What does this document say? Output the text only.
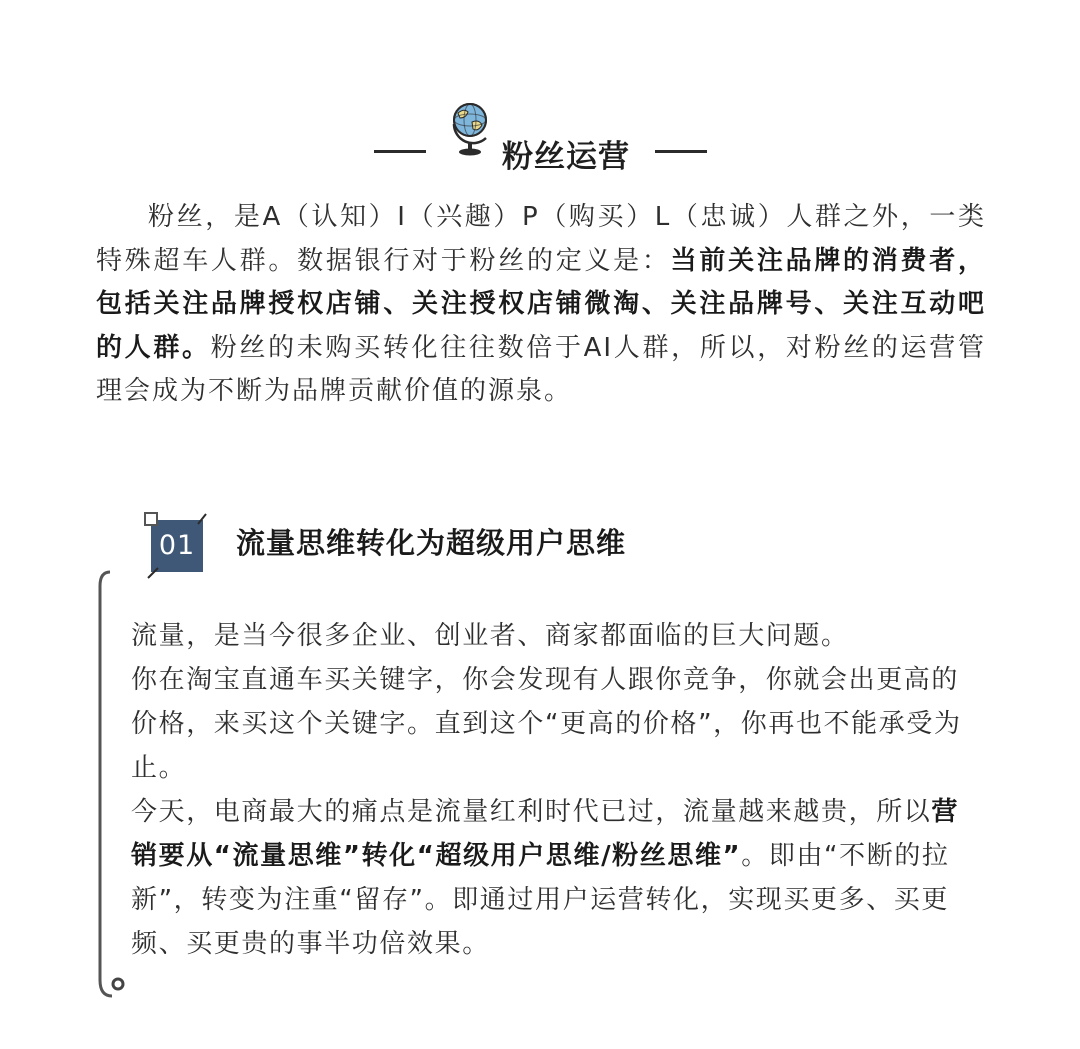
粉丝运营

粉丝，是A（认知）I（兴趣）P（购买）L（忠诚）人群之外，一类特殊超车人群。数据银行对于粉丝的定义是：当前关注品牌的消费者，包括关注品牌授权店铺、关注授权店铺微淘、关注品牌号、关注互动吧的人群。粉丝的未购买转化往往数倍于AI人群，所以，对粉丝的运营管理会成为不断为品牌贡献价值的源泉。

01 流量思维转化为超级用户思维

流量，是当今很多企业、创业者、商家都面临的巨大问题。

你在淘宝直通车买关键字，你会发现有人跟你竞争，你就会出更高的价格，来买这个关键字。直到这个“更高的价格”，你再也不能承受为止。

今天，电商最大的痛点是流量红利时代已过，流量越来越贵，所以营销要从“流量思维”转化“超级用户思维/粉丝思维”。即由“不断的拉新”，转变为注重“留存”。即通过用户运营转化，实现买更多、买更频、买更贵的事半功倍效果。
